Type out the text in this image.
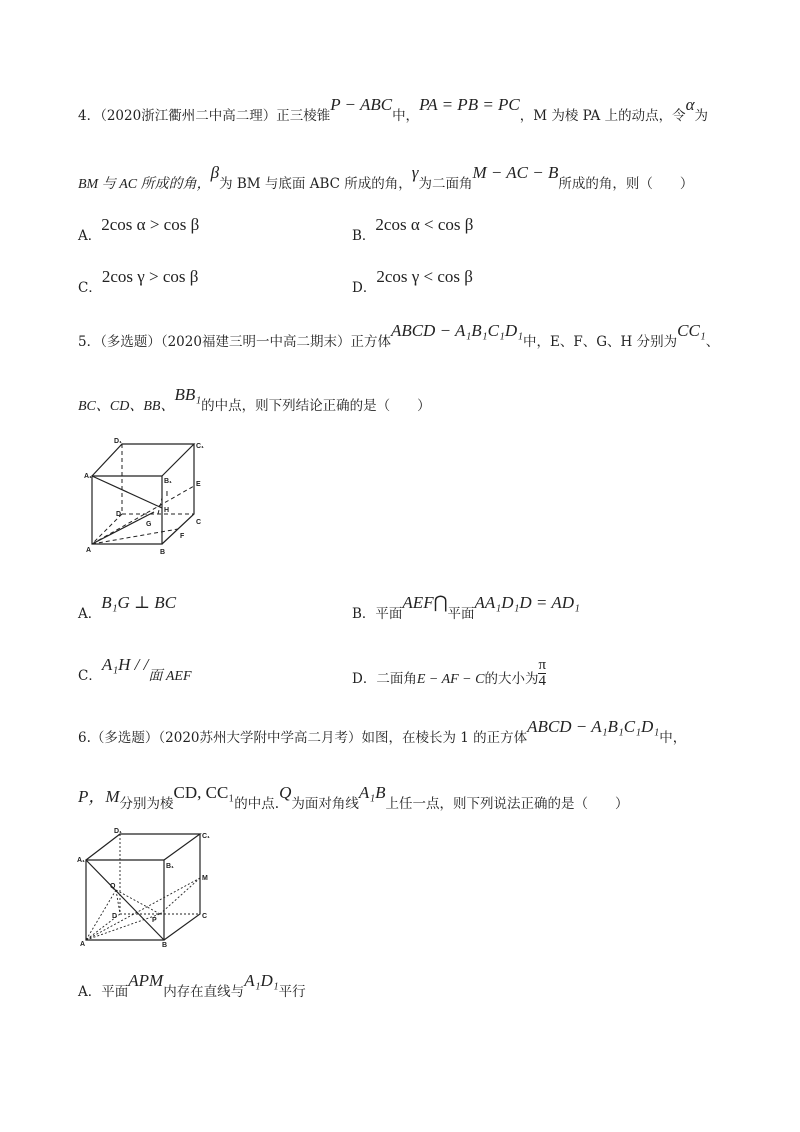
4．（2020浙江衢州二中高二理）正三棱锥P − ABC中，PA = PB = PC，M 为棱 PA 上的动点，令α为
BM 与 AC 所成的角，β为 BM 与底面 ABC 所成的角，γ为二面角M − AC − B所成的角，则（　　）
A．2cos α > cos β
B．2cos α < cos β
C．2cos γ > cos β
D．2cos γ < cos β
5．（多选题）（2020福建三明一中高二期末）正方体ABCD − A₁B₁C₁D₁中，E、F、G、H 分别为CC₁、
BC、CD、BB、BB₁的中点，则下列结论正确的是（　　）
D₁
C₁
A₁
B₁	E
D
G
H
C
A	B
F
I
A．B₁G ⊥ BC
B．平面AEF⋂平面AA₁D₁D = AD₁
C．A₁H / /面 AEF	D．二面角E − AF − C的大小为$\frac{\pi}{4}$
6.（多选题）（2020苏州大学附中学高二月考）如图，在棱长为 1 的正方体ABCD − A₁B₁C₁D₁中，
P，M分别为棱CD, CC₁的中点.Q为面对角线A₁B上任一点，则下列说法正确的是（　　）
D₁
C₁
A₁
B₁
M
Q
D
P
C
A	B
A．平面APM内存在直线与A₁D₁平行
